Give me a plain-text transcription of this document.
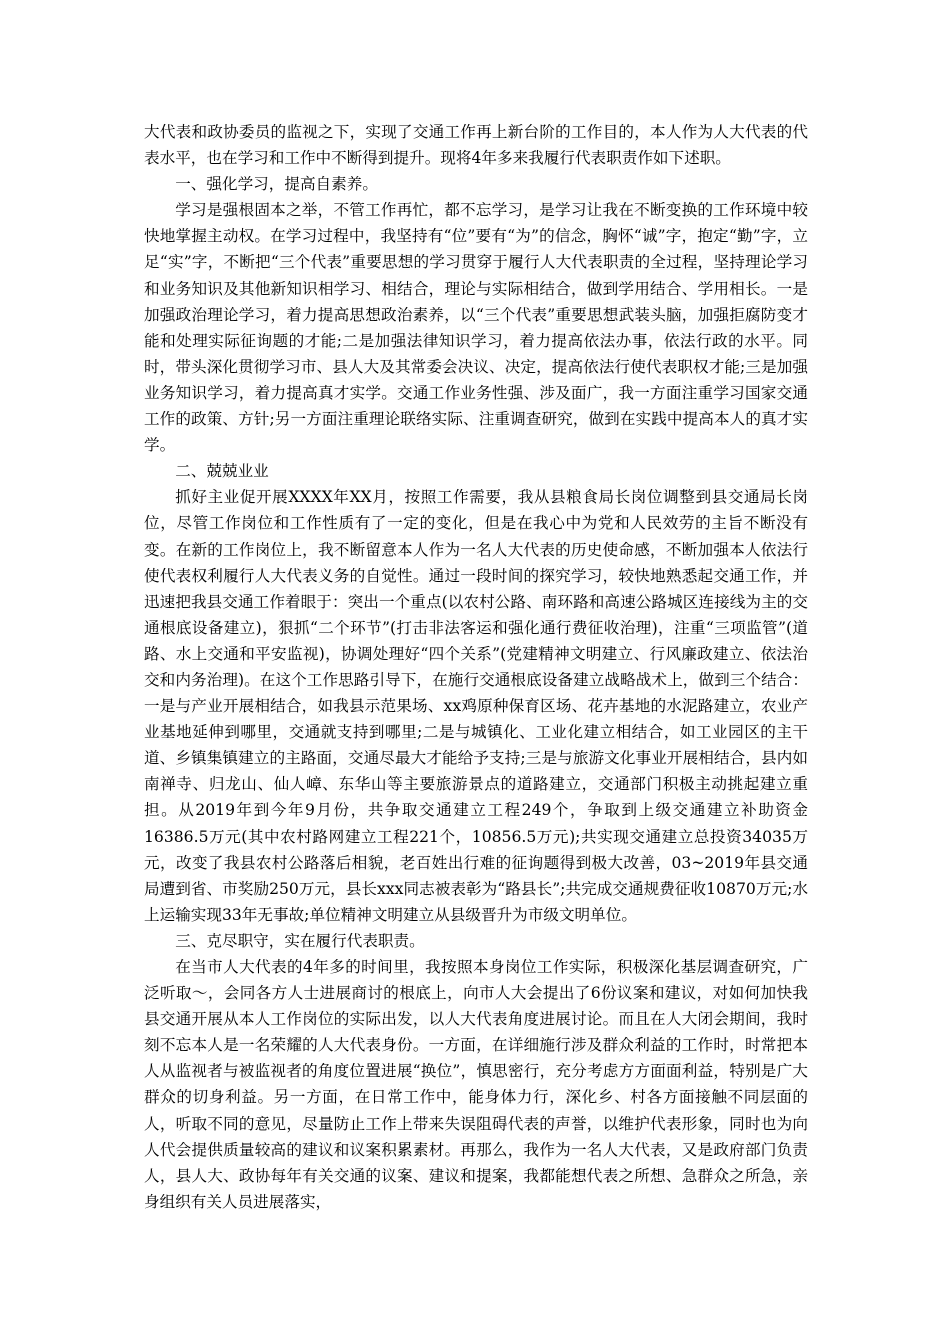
大代表和政协委员的监视之下，实现了交通工作再上新台阶的工作目的，本人作为人大代表的代表水平，也在学习和工作中不断得到提升。现将4年多来我履行代表职责作如下述职。

一、强化学习，提高自素养。

学习是强根固本之举，不管工作再忙，都不忘学习，是学习让我在不断变换的工作环境中较快地掌握主动权。在学习过程中，我坚持有“位”要有“为”的信念，胸怀“诚”字，抱定“勤”字，立足“实”字，不断把“三个代表”重要思想的学习贯穿于履行人大代表职责的全过程，坚持理论学习和业务知识及其他新知识相学习、相结合，理论与实际相结合，做到学用结合、学用相长。一是加强政治理论学习，着力提高思想政治素养，以“三个代表”重要思想武装头脑，加强拒腐防变才能和处理实际征询题的才能;二是加强法律知识学习，着力提高依法办事，依法行政的水平。同时，带头深化贯彻学习市、县人大及其常委会决议、决定，提高依法行使代表职权才能;三是加强业务知识学习，着力提高真才实学。交通工作业务性强、涉及面广，我一方面注重学习国家交通工作的政策、方针;另一方面注重理论联络实际、注重调查研究，做到在实践中提高本人的真才实学。

二、兢兢业业

抓好主业促开展XXXX年XX月，按照工作需要，我从县粮食局长岗位调整到县交通局长岗位，尽管工作岗位和工作性质有了一定的变化，但是在我心中为党和人民效劳的主旨不断没有变。在新的工作岗位上，我不断留意本人作为一名人大代表的历史使命感，不断加强本人依法行使代表权利履行人大代表义务的自觉性。通过一段时间的探究学习，较快地熟悉起交通工作，并迅速把我县交通工作着眼于：突出一个重点(以农村公路、南环路和高速公路城区连接线为主的交通根底设备建立)，狠抓“二个环节”(打击非法客运和强化通行费征收治理)，注重“三项监管”(道路、水上交通和平安监视)，协调处理好“四个关系”(党建精神文明建立、行风廉政建立、依法治交和内务治理)。在这个工作思路引导下，在施行交通根底设备建立战略战术上，做到三个结合：一是与产业开展相结合，如我县示范果场、xx鸡原种保育区场、花卉基地的水泥路建立，农业产业基地延伸到哪里，交通就支持到哪里;二是与城镇化、工业化建立相结合，如工业园区的主干道、乡镇集镇建立的主路面，交通尽最大才能给予支持;三是与旅游文化事业开展相结合，县内如南禅寺、归龙山、仙人嶂、东华山等主要旅游景点的道路建立，交通部门积极主动挑起建立重担。从2019年到今年9月份，共争取交通建立工程249个，争取到上级交通建立补助资金16386.5万元(其中农村路网建立工程221个，10856.5万元);共实现交通建立总投资34035万元，改变了我县农村公路落后相貌，老百姓出行难的征询题得到极大改善，03~2019年县交通局遭到省、市奖励250万元，县长xxx同志被表彰为“路县长”;共完成交通规费征收10870万元;水上运输实现33年无事故;单位精神文明建立从县级晋升为市级文明单位。

三、克尽职守，实在履行代表职责。

在当市人大代表的4年多的时间里，我按照本身岗位工作实际，积极深化基层调查研究，广泛听取～，会同各方人士进展商讨的根底上，向市人大会提出了6份议案和建议，对如何加快我县交通开展从本人工作岗位的实际出发，以人大代表角度进展讨论。而且在人大闭会期间，我时刻不忘本人是一名荣耀的人大代表身份。一方面，在详细施行涉及群众利益的工作时，时常把本人从监视者与被监视者的角度位置进展“换位”，慎思密行，充分考虑方方面面利益，特别是广大群众的切身利益。另一方面，在日常工作中，能身体力行，深化乡、村各方面接触不同层面的人，听取不同的意见，尽量防止工作上带来失误阻碍代表的声誉，以维护代表形象，同时也为向人代会提供质量较高的建议和议案积累素材。再那么，我作为一名人大代表，又是政府部门负责人，县人大、政协每年有关交通的议案、建议和提案，我都能想代表之所想、急群众之所急，亲身组织有关人员进展落实，
